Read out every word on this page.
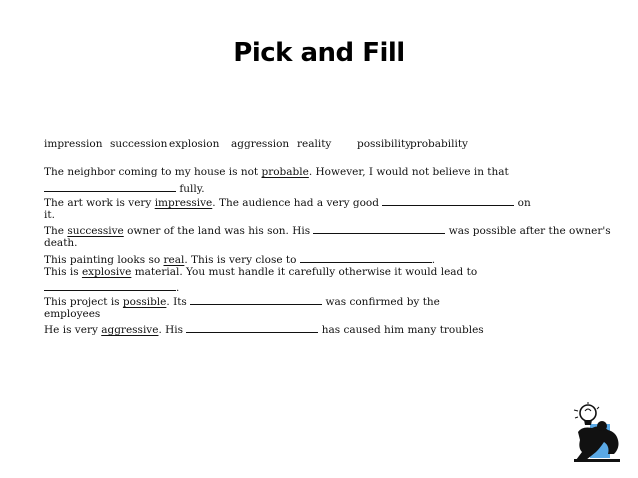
Pick and Fill
impression succession explosion aggression reality possibility
probability
The neighbor coming to my house is not probable. However, I would not believe in that
fully.
The art work is very impressive. The audience had a very good	on
it.
The successive owner of the land was his son. His	was possible after the owner's
death.
This painting looks so real. This is very close to	.
This is explosive material. You must handle it carefully otherwise it would lead to
.
This project is possible. Its	was confirmed by the
employees
He is very aggressive. His	has caused him many troubles
